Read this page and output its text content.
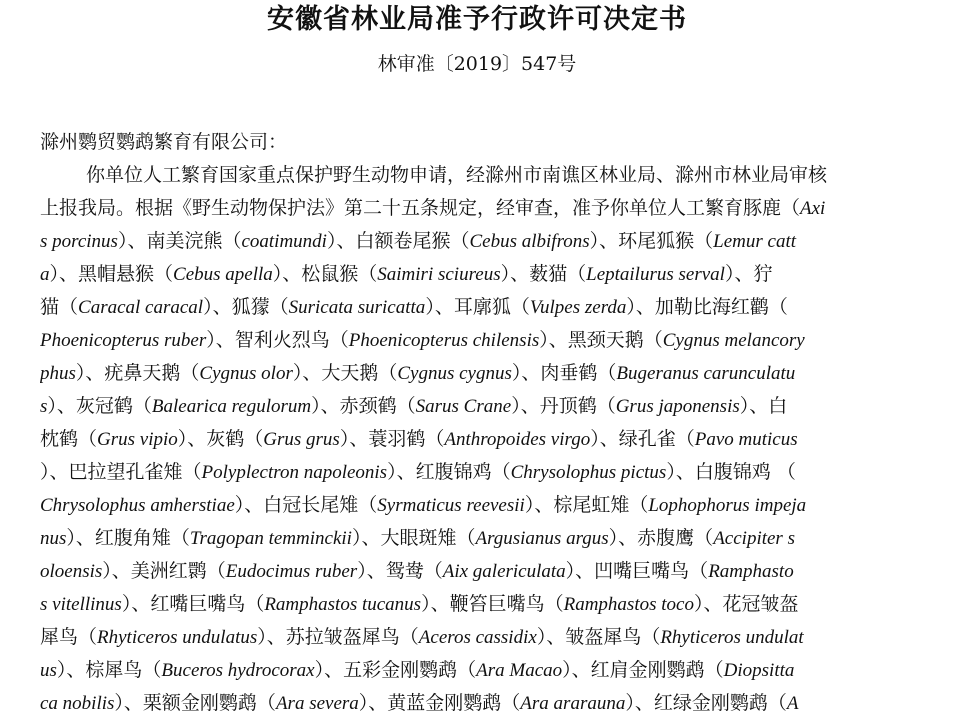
安徽省林业局准予行政许可决定书
林审准〔2019〕547号
滁州鹦贸鹦鹉繁育有限公司：
你单位人工繁育国家重点保护野生动物申请，经滁州市南谯区林业局、滁州市林业局审核
上报我局。根据《野生动物保护法》第二十五条规定，经审查，准予你单位人工繁育豚鹿（Axi
s porcinus）、南美浣熊（coatimundi）、白额卷尾猴（Cebus albifrons）、环尾狐猴（Lemur catt
a）、黑帽悬猴（Cebus apella）、松鼠猴（Saimiri sciureus）、薮猫（Leptailurus serval）、狞
猫（Caracal caracal）、狐獴（Suricata suricatta）、耳廓狐（Vulpes zerda）、加勒比海红鹳（
Phoenicopterus ruber）、智利火烈鸟（Phoenicopterus chilensis）、黑颈天鹅（Cygnus melancory
phus）、疣鼻天鹅（Cygnus olor）、大天鹅（Cygnus cygnus）、肉垂鹤（Bugeranus carunculatu
s）、灰冠鹤（Balearica regulorum）、赤颈鹤（Sarus Crane）、丹顶鹤（Grus japonensis）、白
枕鹤（Grus vipio）、灰鹤（Grus grus）、蓑羽鹤（Anthropoides virgo）、绿孔雀（Pavo muticus
）、巴拉望孔雀雉（Polyplectron napoleonis）、红腹锦鸡（Chrysolophus pictus）、白腹锦鸡 （
Chrysolophus amherstiae）、白冠长尾雉（Syrmaticus reevesii）、棕尾虹雉（Lophophorus impeja
nus）、红腹角雉（Tragopan temminckii）、大眼斑雉（Argusianus argus）、赤腹鹰（Accipiter s
oloensis）、美洲红鹮（Eudocimus ruber）、鸳鸯（Aix galericulata）、凹嘴巨嘴鸟（Ramphasto
s vitellinus）、红嘴巨嘴鸟（Ramphastos tucanus）、鞭笞巨嘴鸟（Ramphastos toco）、花冠皱盔
犀鸟（Rhyticeros undulatus）、苏拉皱盔犀鸟（Aceros cassidix）、皱盔犀鸟（Rhyticeros undulat
us）、棕犀鸟（Buceros hydrocorax）、五彩金刚鹦鹉（Ara Macao）、红肩金刚鹦鹉（Diopsitta
ca nobilis）、栗额金刚鹦鹉（Ara severa）、黄蓝金刚鹦鹉（Ara ararauna）、红绿金刚鹦鹉（A
